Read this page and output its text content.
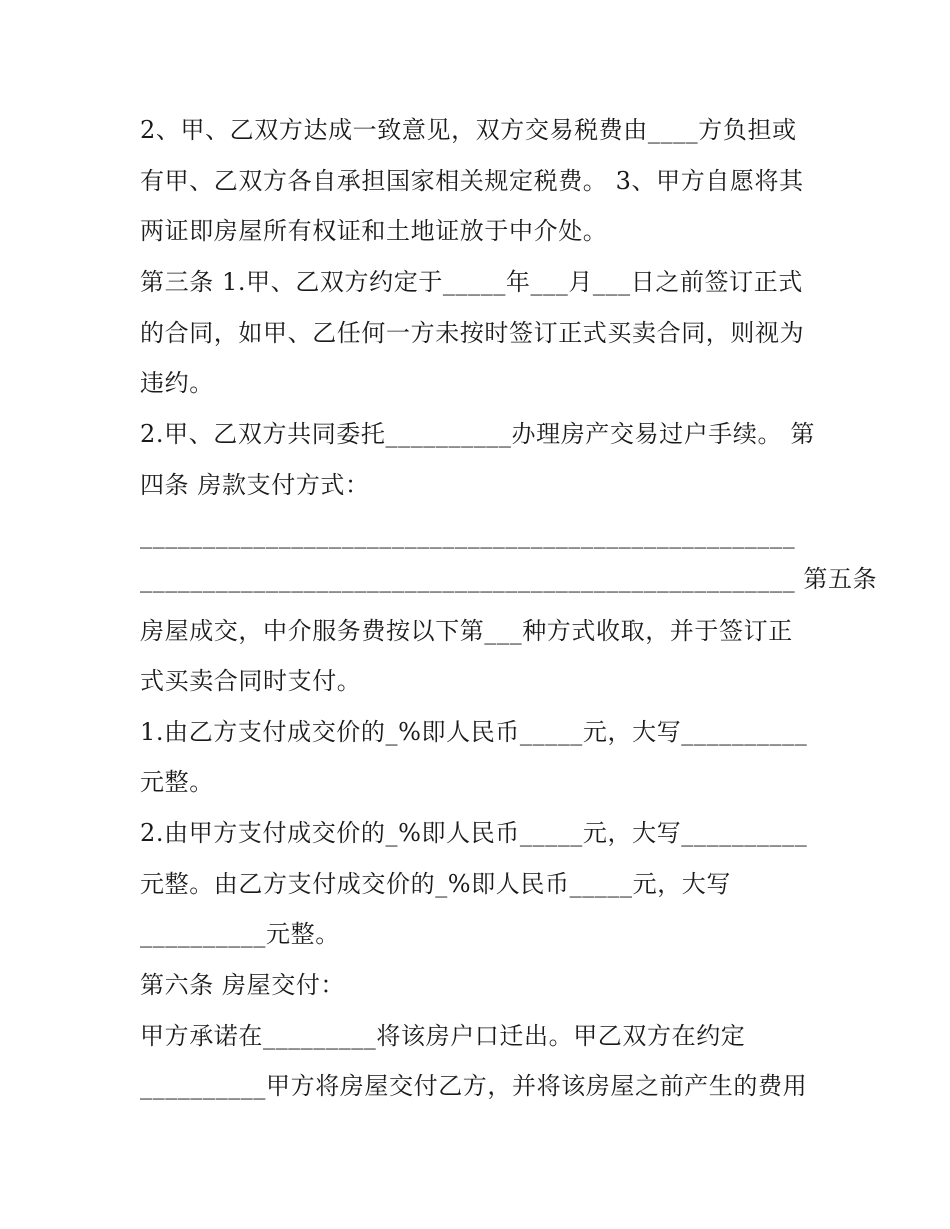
2、甲、乙双方达成一致意见，双方交易税费由____方负担或
有甲、乙双方各自承担国家相关规定税费。 3、甲方自愿将其
两证即房屋所有权证和土地证放于中介处。
第三条 1.甲、乙双方约定于_____年___月___日之前签订正式
的合同，如甲、乙任何一方未按时签订正式买卖合同，则视为
违约。
2.甲、乙双方共同委托__________办理房产交易过户手续。 第
四条 房款支付方式：
____________________________________________________
____________________________________________________ 第五条
房屋成交，中介服务费按以下第___种方式收取，并于签订正
式买卖合同时支付。
1.由乙方支付成交价的_%即人民币_____元，大写__________
元整。
2.由甲方支付成交价的_%即人民币_____元，大写__________
元整。由乙方支付成交价的_%即人民币_____元，大写
__________元整。
第六条 房屋交付：
甲方承诺在_________将该房户口迁出。甲乙双方在约定
__________甲方将房屋交付乙方，并将该房屋之前产生的费用
